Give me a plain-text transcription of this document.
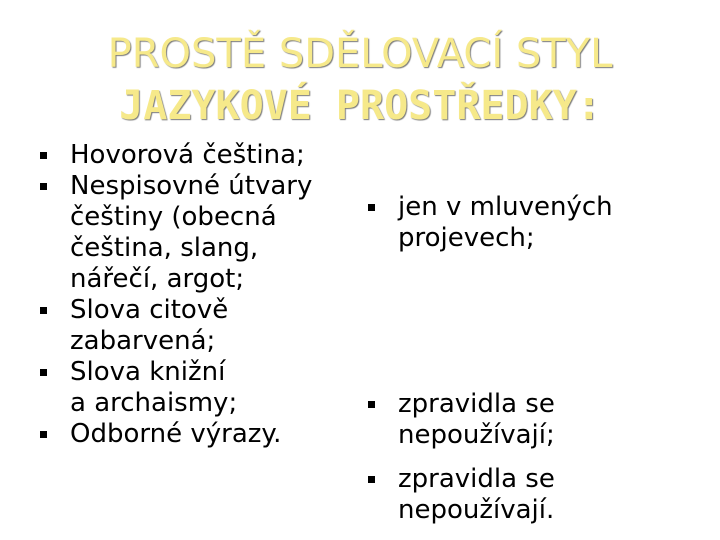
PROSTĚ SDĚLOVACÍ STYL
JAZYKOVÉ PROSTŘEDKY:
Hovorová čeština;
Nespisovné útvary
češtiny (obecná
čeština, slang,
nářečí, argot;
Slova citově
zabarvená;
Slova knižní
a archaismy;
Odborné výrazy.
jen v mluvených
projevech;
zpravidla se
nepoužívají;
zpravidla se
nepoužívají.
